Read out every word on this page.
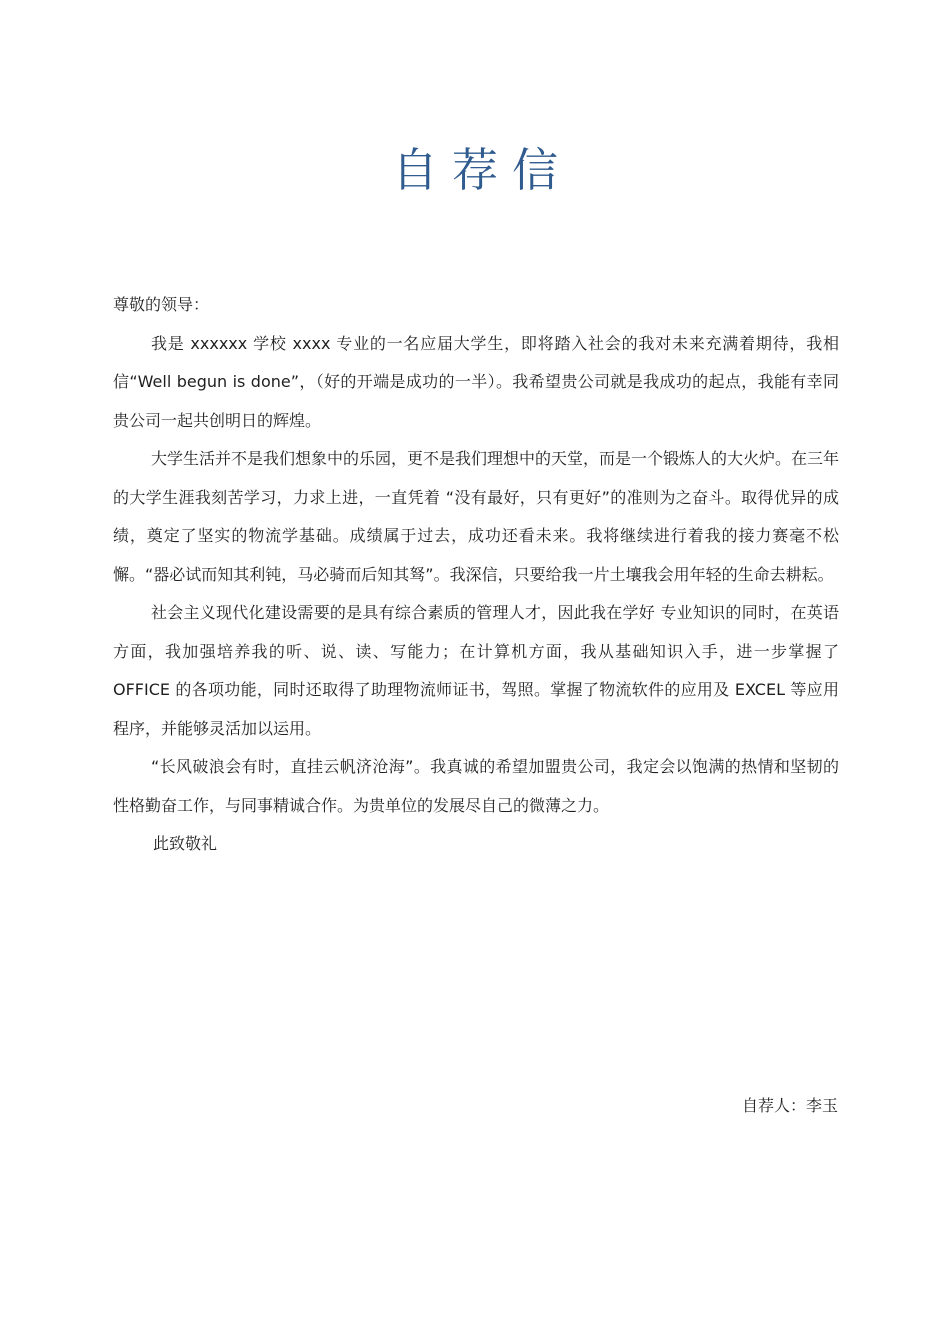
自荐信

尊敬的领导：

我是 xxxxxx 学校 xxxx 专业的一名应届大学生，即将踏入社会的我对未来充满着期待，我相信“Well begun is done”，（好的开端是成功的一半）。我希望贵公司就是我成功的起点，我能有幸同贵公司一起共创明日的辉煌。

大学生活并不是我们想象中的乐园，更不是我们理想中的天堂，而是一个锻炼人的大火炉。在三年的大学生涯我刻苦学习，力求上进，一直凭着 “没有最好，只有更好”的准则为之奋斗。取得优异的成绩，奠定了坚实的物流学基础。成绩属于过去，成功还看未来。我将继续进行着我的接力赛毫不松懈。“器必试而知其利钝，马必骑而后知其驽”。我深信，只要给我一片土壤我会用年轻的生命去耕耘。

社会主义现代化建设需要的是具有综合素质的管理人才，因此我在学好 专业知识的同时，在英语方面，我加强培养我的听、说、读、写能力；在计算机方面，我从基础知识入手，进一步掌握了 OFFICE 的各项功能，同时还取得了助理物流师证书，驾照。掌握了物流软件的应用及 EXCEL 等应用程序，并能够灵活加以运用。

“长风破浪会有时，直挂云帆济沧海”。我真诚的希望加盟贵公司，我定会以饱满的热情和坚韧的性格勤奋工作，与同事精诚合作。为贵单位的发展尽自己的微薄之力。

此致敬礼

自荐人：李玉
